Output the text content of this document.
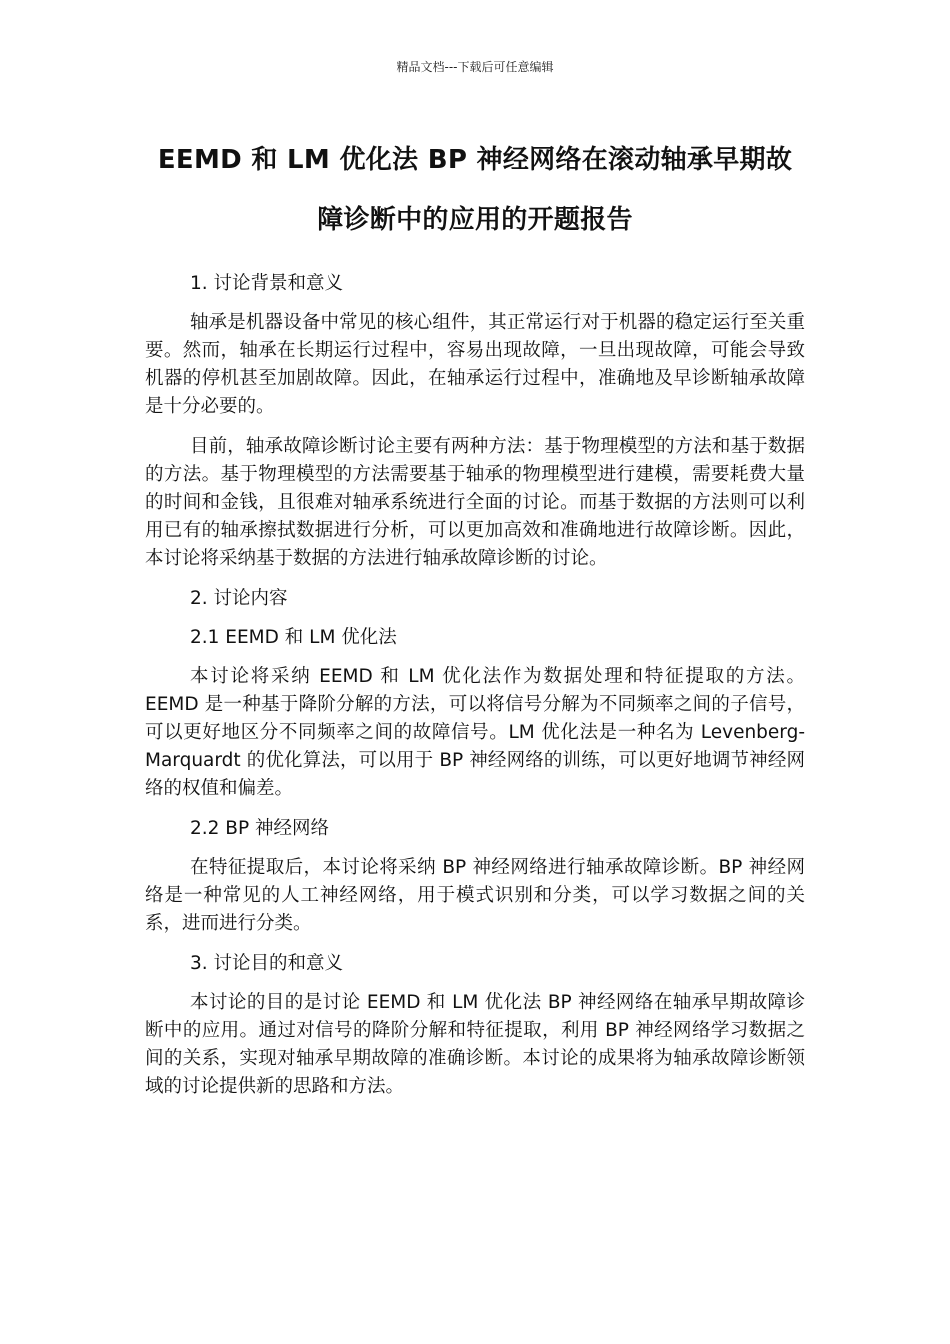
精品文档---下载后可任意编辑
EEMD 和 LM 优化法 BP 神经网络在滚动轴承早期故
障诊断中的应用的开题报告
1. 讨论背景和意义

轴承是机器设备中常见的核心组件，其正常运行对于机器的稳定运行至关重要。然而，轴承在长期运行过程中，容易出现故障，一旦出现故障，可能会导致机器的停机甚至加剧故障。因此，在轴承运行过程中，准确地及早诊断轴承故障是十分必要的。

目前，轴承故障诊断讨论主要有两种方法：基于物理模型的方法和基于数据的方法。基于物理模型的方法需要基于轴承的物理模型进行建模，需要耗费大量的时间和金钱，且很难对轴承系统进行全面的讨论。而基于数据的方法则可以利用已有的轴承擦拭数据进行分析，可以更加高效和准确地进行故障诊断。因此，本讨论将采纳基于数据的方法进行轴承故障诊断的讨论。

2. 讨论内容
2.1 EEMD 和 LM 优化法

本讨论将采纳 EEMD 和 LM 优化法作为数据处理和特征提取的方法。EEMD 是一种基于降阶分解的方法，可以将信号分解为不同频率之间的子信号，可以更好地区分不同频率之间的故障信号。LM 优化法是一种名为 Levenberg-Marquardt 的优化算法，可以用于 BP 神经网络的训练，可以更好地调节神经网络的权值和偏差。

2.2 BP 神经网络

在特征提取后，本讨论将采纳 BP 神经网络进行轴承故障诊断。BP 神经网络是一种常见的人工神经网络，用于模式识别和分类，可以学习数据之间的关系，进而进行分类。

3. 讨论目的和意义

本讨论的目的是讨论 EEMD 和 LM 优化法 BP 神经网络在轴承早期故障诊断中的应用。通过对信号的降阶分解和特征提取，利用 BP 神经网络学习数据之间的关系，实现对轴承早期故障的准确诊断。本讨论的成果将为轴承故障诊断领域的讨论提供新的思路和方法。
